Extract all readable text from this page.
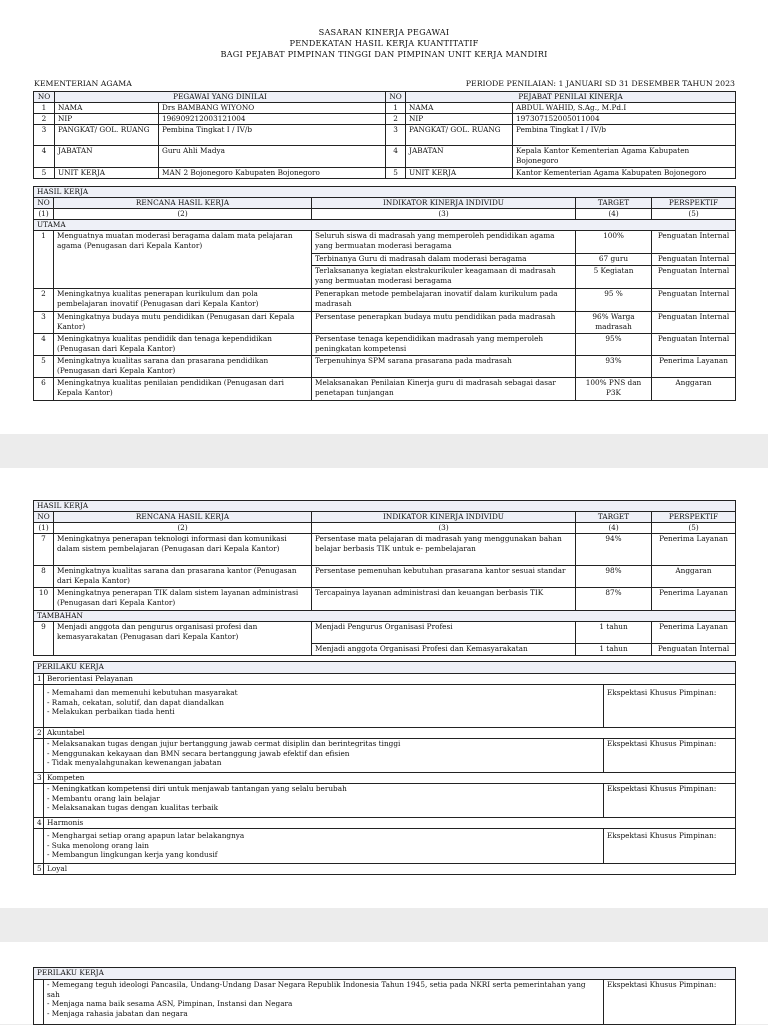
SASARAN KINERJA PEGAWAI
PENDEKATAN HASIL KERJA KUANTITATIF
BAGI PEJABAT PIMPINAN TINGGI DAN PIMPINAN UNIT KERJA MANDIRI
KEMENTERIAN AGAMA	PERIODE PENILAIAN: 1 JANUARI SD 31 DESEMBER TAHUN 2023
NO	PEGAWAI YANG DINILAI		NO	PEJABAT PENILAI KINERJA	
1	NAMA	Drs BAMBANG WIYONO	1	NAMA	ABDUL WAHID, S.Ag., M.Pd.I
2	NIP	196909212003121004	2	NIP	197307152005011004
3	PANGKAT/ GOL. RUANG	Pembina Tingkat I / IV/b	3	PANGKAT/ GOL. RUANG	Pembina Tingkat I / IV/b
4	JABATAN	Guru Ahli Madya	4	JABATAN	Kepala Kantor Kementerian Agama Kabupaten Bojonegoro
5	UNIT KERJA	MAN 2 Bojonegoro Kabupaten Bojonegoro	5	UNIT KERJA	Kantor Kementerian Agama Kabupaten Bojonegoro
HASIL KERJA				
NO	RENCANA HASIL KERJA	INDIKATOR KINERJA INDIVIDU	TARGET	PERSPEKTIF
(1)	(2)	(3)	(4)	(5)
UTAMA				
1	Menguatnya muatan moderasi beragama dalam mata pelajaran agama (Penugasan dari Kepala Kantor)	Seluruh siswa di madrasah yang memperoleh pendidikan agama yang bermuatan moderasi beragama	100%	Penguatan Internal
		Terbinanya Guru di madrasah dalam moderasi beragama	67 guru	Penguatan Internal
		Terlaksananya kegiatan ekstrakurikuler keagamaan di madrasah yang bermuatan moderasi beragama	5 Kegiatan	Penguatan Internal
2	Meningkatnya kualitas penerapan kurikulum dan pola pembelajaran inovatif (Penugasan dari Kepala Kantor)	Penerapkan metode pembelajaran inovatif dalam kurikulum pada madrasah	95 %	Penguatan Internal
3	Meningkatnya budaya mutu pendidikan (Penugasan dari Kepala Kantor)	Persentase penerapkan budaya mutu pendidikan pada madrasah	96% Warga madrasah	Penguatan Internal
4	Meningkatnya kualitas pendidik dan tenaga kependidikan (Penugasan dari Kepala Kantor)	Persentase tenaga kependidikan madrasah yang memperoleh peningkatan kompetensi	95%	Penguatan Internal
5	Meningkatnya kualitas sarana dan prasarana pendidikan (Penugasan dari Kepala Kantor)	Terpenuhinya SPM sarana prasarana pada madrasah	93%	Penerima Layanan
6	Meningkatnya kualitas penilaian pendidikan (Penugasan dari Kepala Kantor)	Melaksanakan Penilaian Kinerja guru di madrasah sebagai dasar penetapan tunjangan	100% PNS dan P3K	Anggaran
HASIL KERJA				
NO	RENCANA HASIL KERJA	INDIKATOR KINERJA INDIVIDU	TARGET	PERSPEKTIF
(1)	(2)	(3)	(4)	(5)
7	Meningkatnya penerapan teknologi informasi dan komunikasi dalam sistem pembelajaran (Penugasan dari Kepala Kantor)	Persentase mata pelajaran di madrasah yang menggunakan bahan belajar berbasis TIK untuk e- pembelajaran	94%	Penerima Layanan
8	Meningkatnya kualitas sarana dan prasarana kantor (Penugasan dari Kepala Kantor)	Persentase pemenuhan kebutuhan prasarana kantor sesuai standar	98%	Anggaran
10	Meningkatnya penerapan TIK dalam sistem layanan administrasi (Penugasan dari Kepala Kantor)	Tercapainya layanan administrasi dan keuangan berbasis TIK	87%	Penerima Layanan
TAMBAHAN				
9	Menjadi anggota dan pengurus organisasi profesi dan kemasyarakatan (Penugasan dari Kepala Kantor)	Menjadi Pengurus Organisasi Profesi	1 tahun	Penerima Layanan
		Menjadi anggota Organisasi Profesi dan Kemasyarakatan	1 tahun	Penguatan Internal
PERILAKU KERJA		
1	Berorientasi Pelayanan	
	- Memahami dan memenuhi kebutuhan masyarakat
- Ramah, cekatan, solutif, dan dapat diandalkan
- Melakukan perbaikan tiada henti	Ekspektasi Khusus Pimpinan:
2	Akuntabel	
	- Melaksanakan tugas dengan jujur bertanggung jawab cermat disiplin dan berintegritas tinggi
- Menggunakan kekayaan dan BMN secara bertanggung jawab efektif dan efisien
- Tidak menyalahgunakan kewenangan jabatan	Ekspektasi Khusus Pimpinan:
3	Kompeten	
	- Meningkatkan kompetensi diri untuk menjawab tantangan yang selalu berubah
- Membantu orang lain belajar
- Melaksanakan tugas dengan kualitas terbaik	Ekspektasi Khusus Pimpinan:
4	Harmonis	
	- Menghargai setiap orang apapun latar belakangnya
- Suka menolong orang lain
- Membangun lingkungan kerja yang kondusif	Ekspektasi Khusus Pimpinan:
5	Loyal	
PERILAKU KERJA
	- Memegang teguh ideologi Pancasila, Undang-Undang Dasar Negara Republik Indonesia Tahun 1945, setia pada NKRI serta pemerintahan yang sah
- Menjaga nama baik sesama ASN, Pimpinan, Instansi dan Negara
- Menjaga rahasia jabatan dan negara	Ekspektasi Khusus Pimpinan:
